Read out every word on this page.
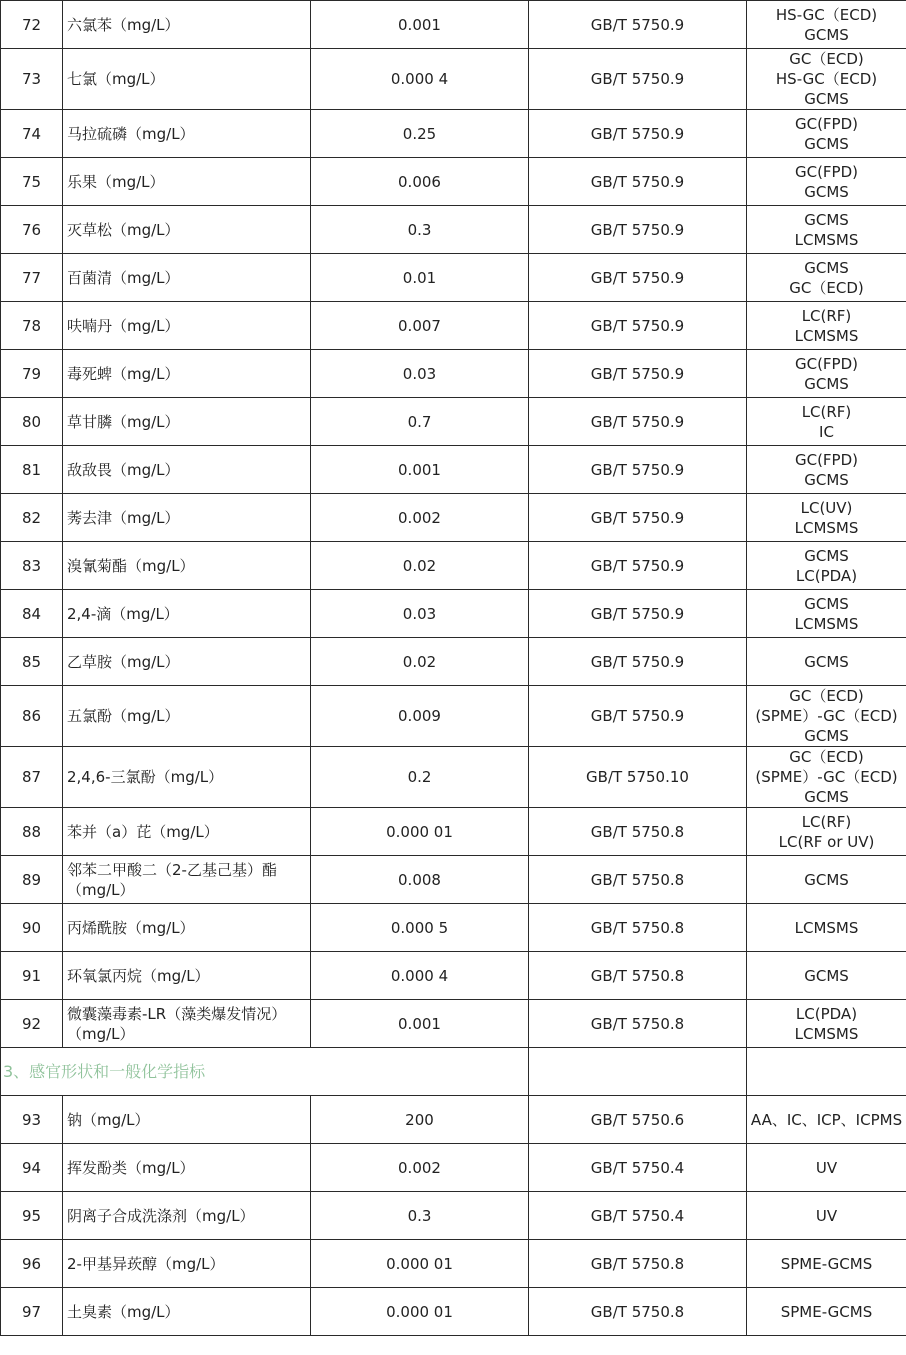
72	六氯苯（mg/L）	0.001	GB/T 5750.9	HS-GC（ECD)
GCMS

73	七氯（mg/L）	0.000 4	GB/T 5750.9	GC（ECD)
HS-GC（ECD)
GCMS

74	马拉硫磷（mg/L）	0.25	GB/T 5750.9	GC(FPD)
GCMS

75	乐果（mg/L）	0.006	GB/T 5750.9	GC(FPD)
GCMS

76	灭草松（mg/L）	0.3	GB/T 5750.9	GCMS
LCMSMS

77	百菌清（mg/L）	0.01	GB/T 5750.9	GCMS
GC（ECD)

78	呋喃丹（mg/L）	0.007	GB/T 5750.9	LC(RF)
LCMSMS

79	毒死蜱（mg/L）	0.03	GB/T 5750.9	GC(FPD)
GCMS

80	草甘膦（mg/L）	0.7	GB/T 5750.9	LC(RF)
IC

81	敌敌畏（mg/L）	0.001	GB/T 5750.9	GC(FPD)
GCMS

82	莠去津（mg/L）	0.002	GB/T 5750.9	LC(UV)
LCMSMS

83	溴氰菊酯（mg/L）	0.02	GB/T 5750.9	GCMS
LC(PDA)

84	2,4-滴（mg/L）	0.03	GB/T 5750.9	GCMS
LCMSMS

85	乙草胺（mg/L）	0.02	GB/T 5750.9	GCMS

86	五氯酚（mg/L）	0.009	GB/T 5750.9	GC（ECD)
(SPME）-GC（ECD)
GCMS

87	2,4,6-三氯酚（mg/L）	0.2	GB/T 5750.10	GC（ECD)
(SPME）-GC（ECD)
GCMS

88	苯并（a）芘（mg/L）	0.000 01	GB/T 5750.8	LC(RF)
LC(RF or UV)

89	邻苯二甲酸二（2-乙基己基）酯（mg/L）	0.008	GB/T 5750.8	GCMS

90	丙烯酰胺（mg/L）	0.000 5	GB/T 5750.8	LCMSMS

91	环氧氯丙烷（mg/L）	0.000 4	GB/T 5750.8	GCMS

92	微囊藻毒素-LR（藻类爆发情况）（mg/L）	0.001	GB/T 5750.8	LC(PDA)
LCMSMS

3、感官形状和一般化学指标				
93	钠（mg/L）	200	GB/T 5750.6	AA、IC、ICP、ICPMS

94	挥发酚类（mg/L）	0.002	GB/T 5750.4	UV

95	阴离子合成洗涤剂（mg/L）	0.3	GB/T 5750.4	UV

96	2-甲基异莰醇（mg/L）	0.000 01	GB/T 5750.8	SPME-GCMS

97	土臭素（mg/L）	0.000 01	GB/T 5750.8	SPME-GCMS
